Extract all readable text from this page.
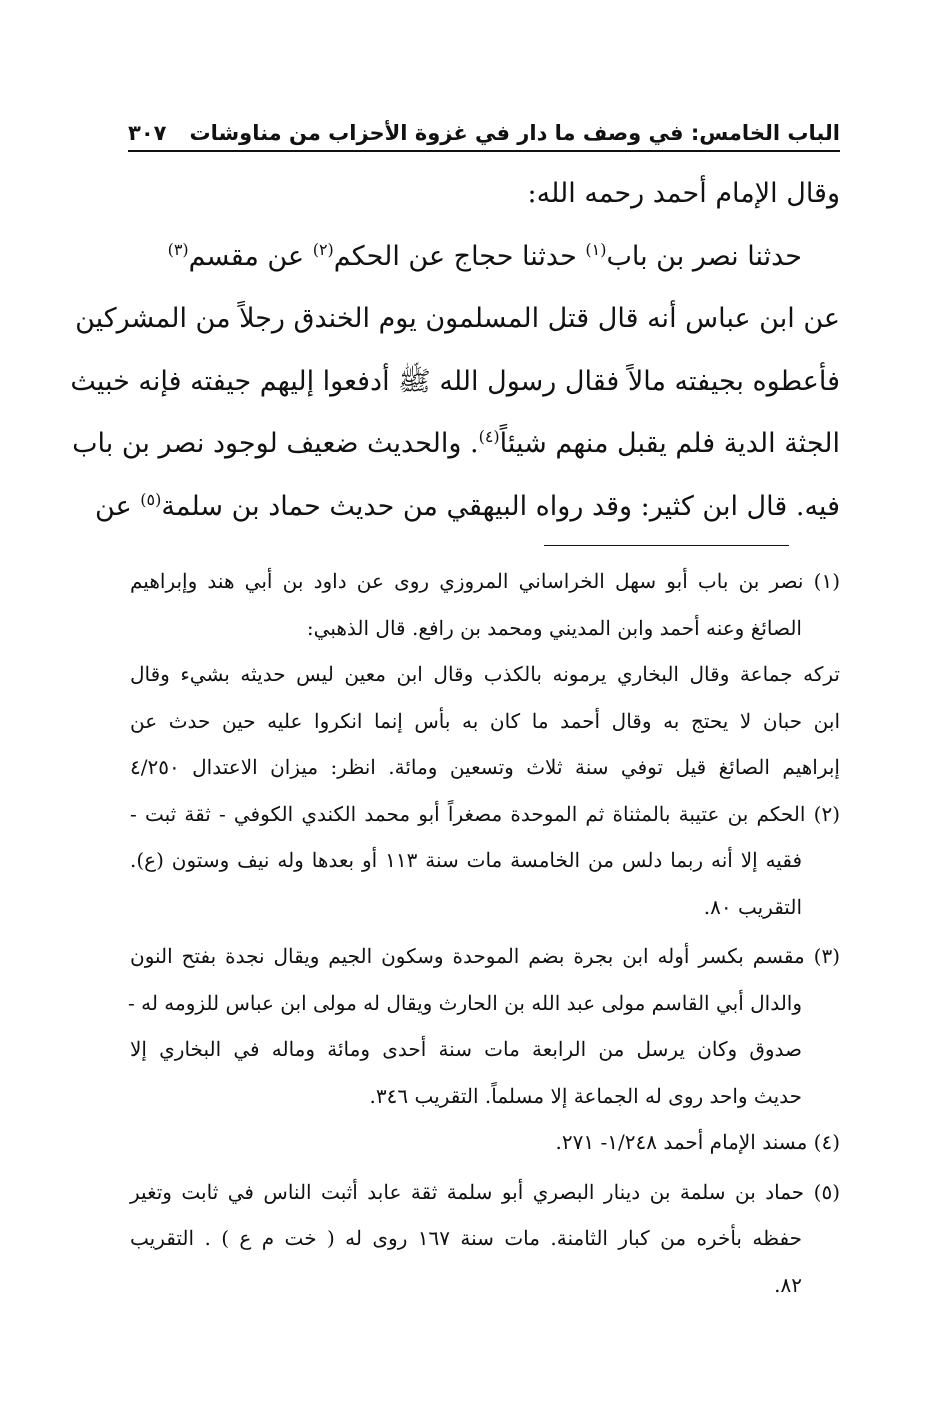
الباب الخامس: في وصف ما دار في غزوة الأحزاب من مناوشات
٣٠٧
وقال الإمام أحمد رحمه الله:
حدثنا نصر بن باب$^{(١)}$ حدثنا حجاج عن الحكم$^{(٢)}$ عن مقسم$^{(٣)}$
عن ابن عباس أنه قال قتل المسلمون يوم الخندق رجلاً من المشركين
فأعطوه بجيفته مالاً فقال رسول الله ﷺ أدفعوا إليهم جيفته فإنه خبيث
الجثة الدية فلم يقبل منهم شيئاً$^{(٤)}$. والحديث ضعيف لوجود نصر بن باب
فيه. قال ابن كثير: وقد رواه البيهقي من حديث حماد بن سلمة$^{(٥)}$ عن
(١) نصر بن باب أبو سهل الخراساني المروزي روى عن داود بن أبي هند وإبراهيم
الصائغ وعنه أحمد وابن المديني ومحمد بن رافع. قال الذهبي:
تركه جماعة وقال البخاري يرمونه بالكذب وقال ابن معين ليس حديثه بشيء وقال
ابن حبان لا يحتج به وقال أحمد ما كان به بأس إنما انكروا عليه حين حدث عن
إبراهيم الصائغ قيل توفي سنة ثلاث وتسعين ومائة. انظر: ميزان الاعتدال ٤/٢٥٠
(٢) الحكم بن عتيبة بالمثناة ثم الموحدة مصغراً أبو محمد الكندي الكوفي - ثقة ثبت -
فقيه إلا أنه ربما دلس من الخامسة مات سنة ١١٣ أو بعدها وله نيف وستون (ع).
التقريب ٨٠.
(٣) مقسم بكسر أوله ابن بجرة بضم الموحدة وسكون الجيم ويقال نجدة بفتح النون
والدال أبي القاسم مولى عبد الله بن الحارث ويقال له مولى ابن عباس للزومه له -
صدوق وكان يرسل من الرابعة مات سنة أحدى ومائة وماله في البخاري إلا
حديث واحد روى له الجماعة إلا مسلماً. التقريب ٣٤٦.
(٤) مسند الإمام أحمد ١/٢٤٨- ٢٧١.
(٥) حماد بن سلمة بن دينار البصري أبو سلمة ثقة عابد أثبت الناس في ثابت وتغير
حفظه بأخره من كبار الثامنة. مات سنة ١٦٧ روى له ( خت م ع ) . التقريب
٨٢.
